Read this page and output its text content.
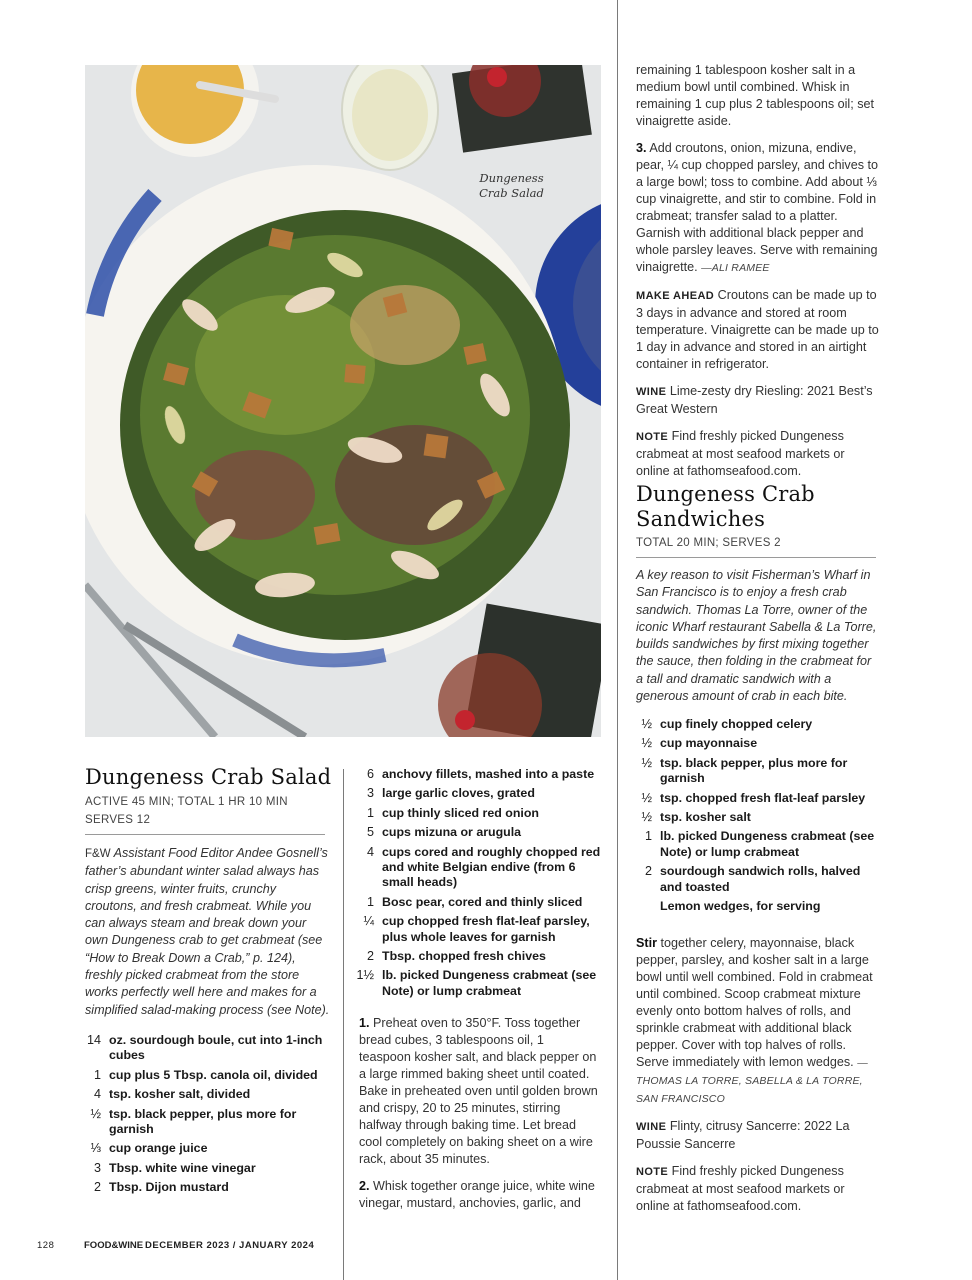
Dungeness Crab Salad
Dungeness Crab Salad
ACTIVE 45 MIN; TOTAL 1 HR 10 MIN
SERVES 12
F&W Assistant Food Editor Andee Gosnell’s father’s abundant winter salad always has crisp greens, winter fruits, crunchy croutons, and fresh crabmeat. While you can always steam and break down your own Dungeness crab to get crabmeat (see “How to Break Down a Crab,” p. 124), freshly picked crabmeat from the store works perfectly well here and makes for a simplified salad-making process (see Note).
14 oz. sourdough boule, cut into 1-inch cubes
1 cup plus 5 Tbsp. canola oil, divided
4 tsp. kosher salt, divided
½ tsp. black pepper, plus more for garnish
⅓ cup orange juice
3 Tbsp. white wine vinegar
2 Tbsp. Dijon mustard
6 anchovy fillets, mashed into a paste
3 large garlic cloves, grated
1 cup thinly sliced red onion
5 cups mizuna or arugula
4 cups cored and roughly chopped red and white Belgian endive (from 6 small heads)
1 Bosc pear, cored and thinly sliced
¼ cup chopped fresh flat-leaf parsley, plus whole leaves for garnish
2 Tbsp. chopped fresh chives
1½ lb. picked Dungeness crabmeat (see Note) or lump crabmeat

1. Preheat oven to 350°F. Toss together bread cubes, 3 tablespoons oil, 1 teaspoon kosher salt, and black pepper on a large rimmed baking sheet until coated. Bake in preheated oven until golden brown and crispy, 20 to 25 minutes, stirring halfway through baking time. Let bread cool completely on baking sheet on a wire rack, about 35 minutes.

2. Whisk together orange juice, white wine vinegar, mustard, anchovies, garlic, and

remaining 1 tablespoon kosher salt in a medium bowl until combined. Whisk in remaining 1 cup plus 2 tablespoons oil; set vinaigrette aside.

3. Add croutons, onion, mizuna, endive, pear, ¼ cup chopped parsley, and chives to a large bowl; toss to combine. Add about ⅓ cup vinaigrette, and stir to combine. Fold in crabmeat; transfer salad to a platter. Garnish with additional black pepper and whole parsley leaves. Serve with remaining vinaigrette. —ALI RAMEE

MAKE AHEAD Croutons can be made up to 3 days in advance and stored at room temperature. Vinaigrette can be made up to 1 day in advance and stored in an airtight container in refrigerator.

WINE Lime-zesty dry Riesling: 2021 Best’s Great Western

NOTE Find freshly picked Dungeness crabmeat at most seafood markets or online at fathomseafood.com.

Dungeness Crab
Sandwiches
TOTAL 20 MIN; SERVES 2
A key reason to visit Fisherman’s Wharf in San Francisco is to enjoy a fresh crab sandwich. Thomas La Torre, owner of the iconic Wharf restaurant Sabella & La Torre, builds sandwiches by first mixing together the sauce, then folding in the crabmeat for a tall and dramatic sandwich with a generous amount of crab in each bite.
½ cup finely chopped celery
½ cup mayonnaise
½ tsp. black pepper, plus more for garnish
½ tsp. chopped fresh flat-leaf parsley
½ tsp. kosher salt
1 lb. picked Dungeness crabmeat (see Note) or lump crabmeat
2 sourdough sandwich rolls, halved and toasted
Lemon wedges, for serving

Stir together celery, mayonnaise, black pepper, parsley, and kosher salt in a large bowl until well combined. Fold in crabmeat until combined. Scoop crabmeat mixture evenly onto bottom halves of rolls, and sprinkle crabmeat with additional black pepper. Cover with top halves of rolls. Serve immediately with lemon wedges. —THOMAS LA TORRE, SABELLA & LA TORRE, SAN FRANCISCO

WINE Flinty, citrusy Sancerre: 2022 La Poussie Sancerre

NOTE Find freshly picked Dungeness crabmeat at most seafood markets or online at fathomseafood.com.

128	FOOD&WINE DECEMBER 2023 / JANUARY 2024
